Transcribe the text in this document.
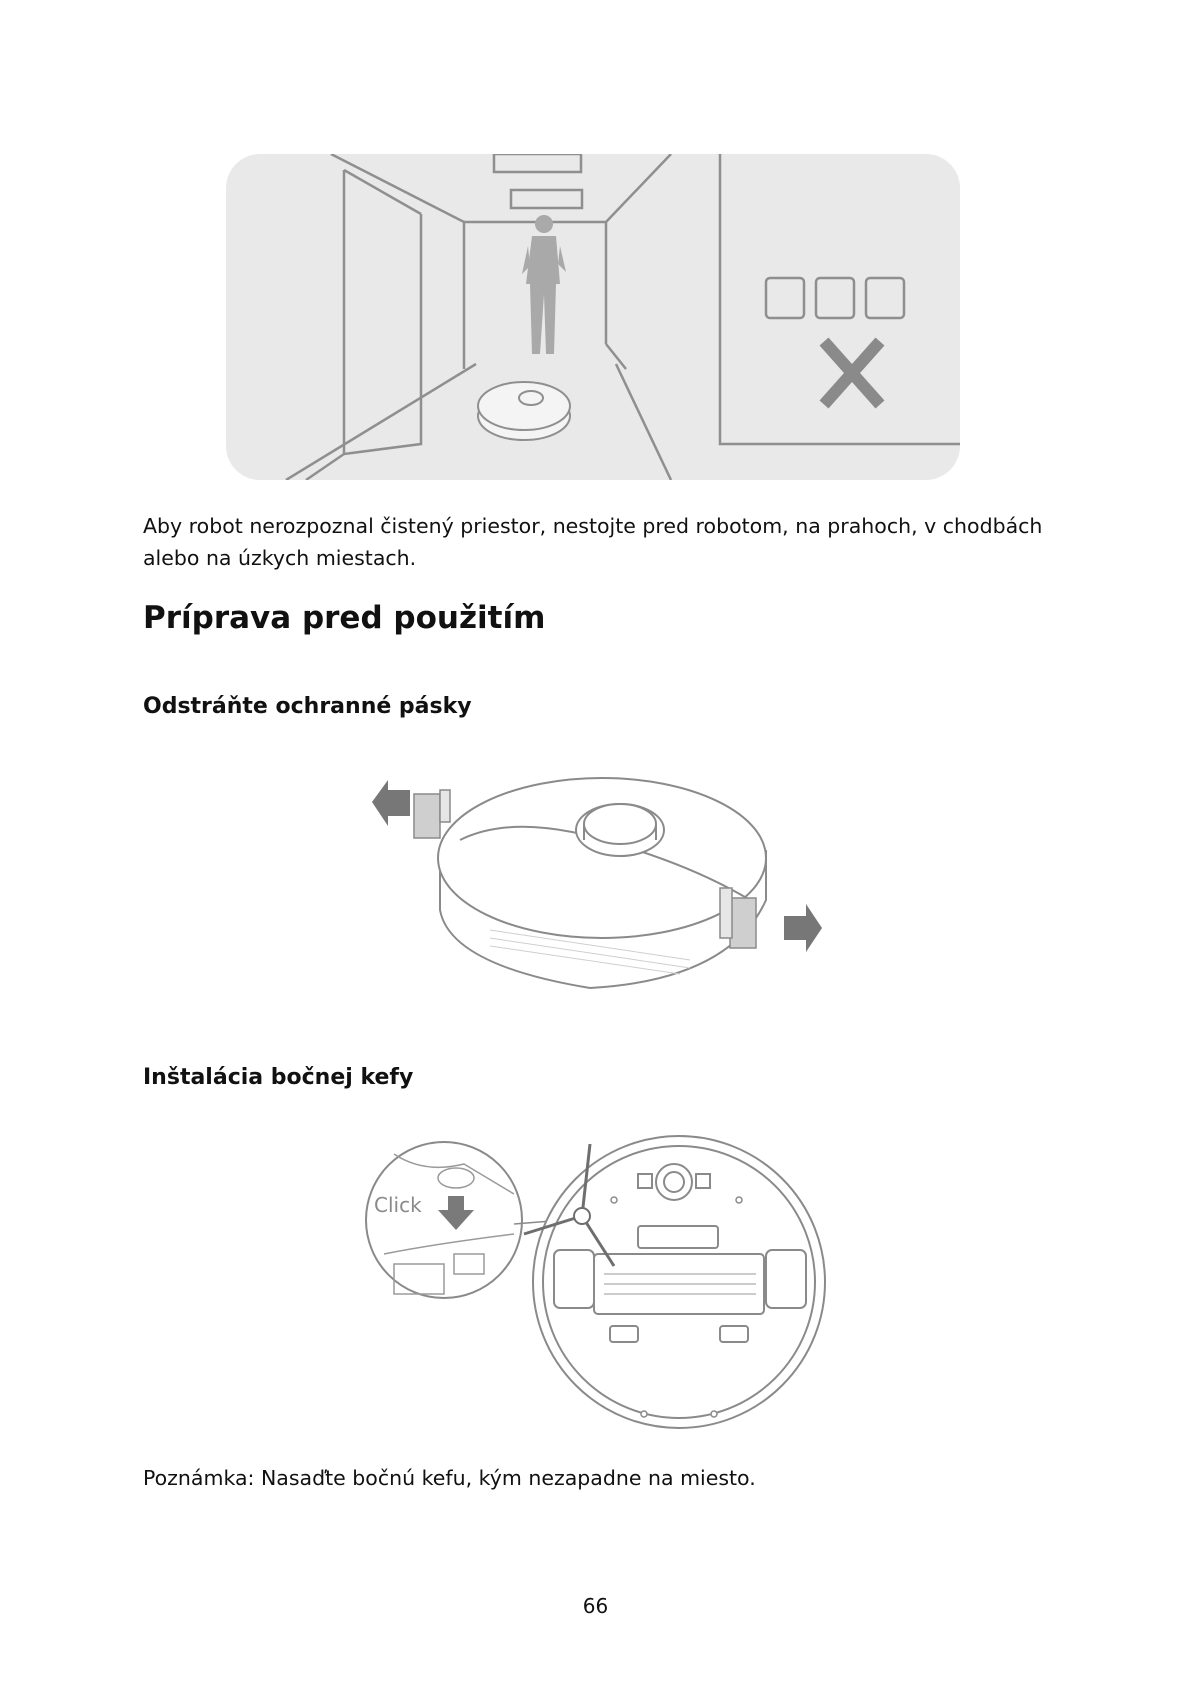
Aby robot nerozpoznal čistený priestor, nestojte pred robotom, na prahoch, v chodbách alebo na úzkych miestach.

Príprava pred použitím
Odstráňte ochranné pásky
Inštalácia bočnej kefy
Click

Poznámka: Nasaďte bočnú kefu, kým nezapadne na miesto.

66
